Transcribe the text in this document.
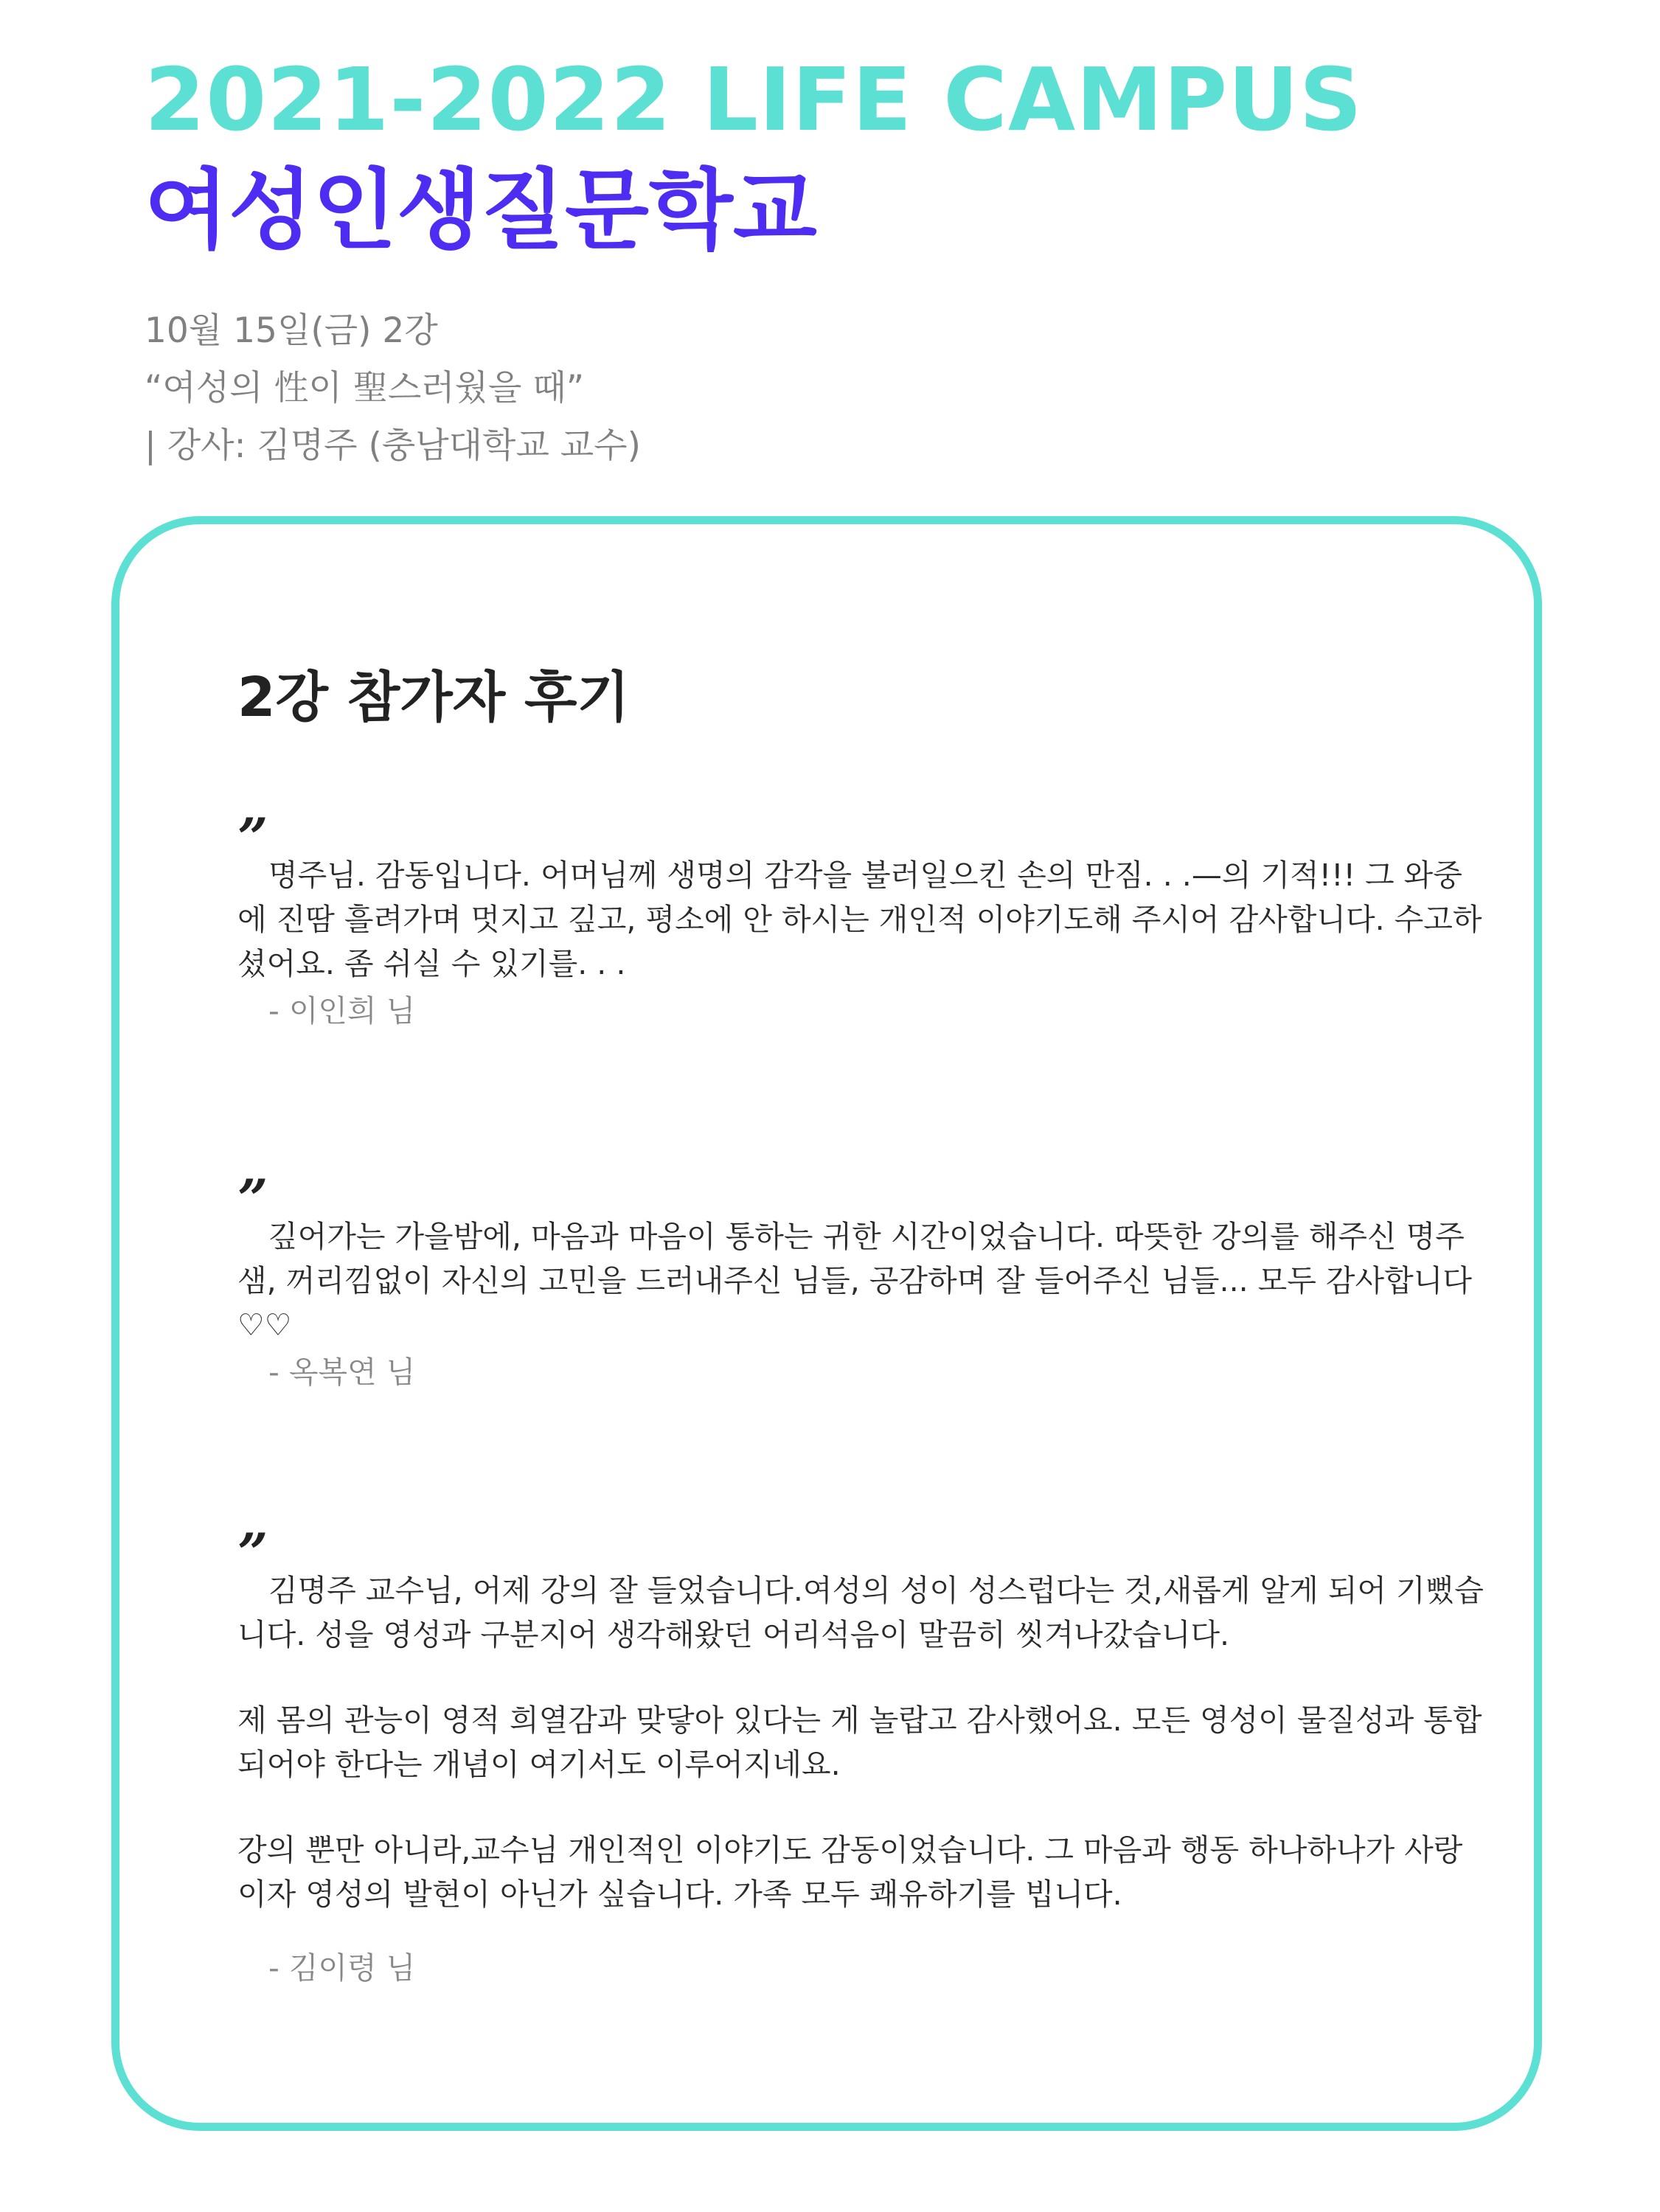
2021-2022 LIFE CAMPUS
여성인생질문학교
10월 15일(금) 2강
“여성의 性이 聖스러웠을 때”
| 강사: 김명주 (충남대학교 교수)
2강 참가자 후기
”

명주님. 감동입니다. 어머님께 생명의 감각을 불러일으킨 손의 만짐. . .—의 기적!!! 그 와중에 진땀 흘려가며 멋지고 깊고, 평소에 안 하시는 개인적 이야기도해 주시어 감사합니다. 수고하셨어요. 좀 쉬실 수 있기를. . .

- 이인희 님
”

깊어가는 가을밤에, 마음과 마음이 통하는 귀한 시간이었습니다. 따뜻한 강의를 해주신 명주샘, 꺼리낌없이 자신의 고민을 드러내주신 님들, 공감하며 잘 들어주신 님들... 모두 감사합니다♡♡

- 옥복연 님
”

김명주 교수님, 어제 강의 잘 들었습니다.여성의 성이 성스럽다는 것,새롭게 알게 되어 기뻤습니다. 성을 영성과 구분지어 생각해왔던 어리석음이 말끔히 씻겨나갔습니다.

제 몸의 관능이 영적 희열감과 맞닿아 있다는 게 놀랍고 감사했어요. 모든 영성이 물질성과 통합되어야 한다는 개념이 여기서도 이루어지네요.

강의 뿐만 아니라,교수님 개인적인 이야기도 감동이었습니다. 그 마음과 행동 하나하나가 사랑이자 영성의 발현이 아닌가 싶습니다. 가족 모두 쾌유하기를 빕니다.

- 김이령 님
